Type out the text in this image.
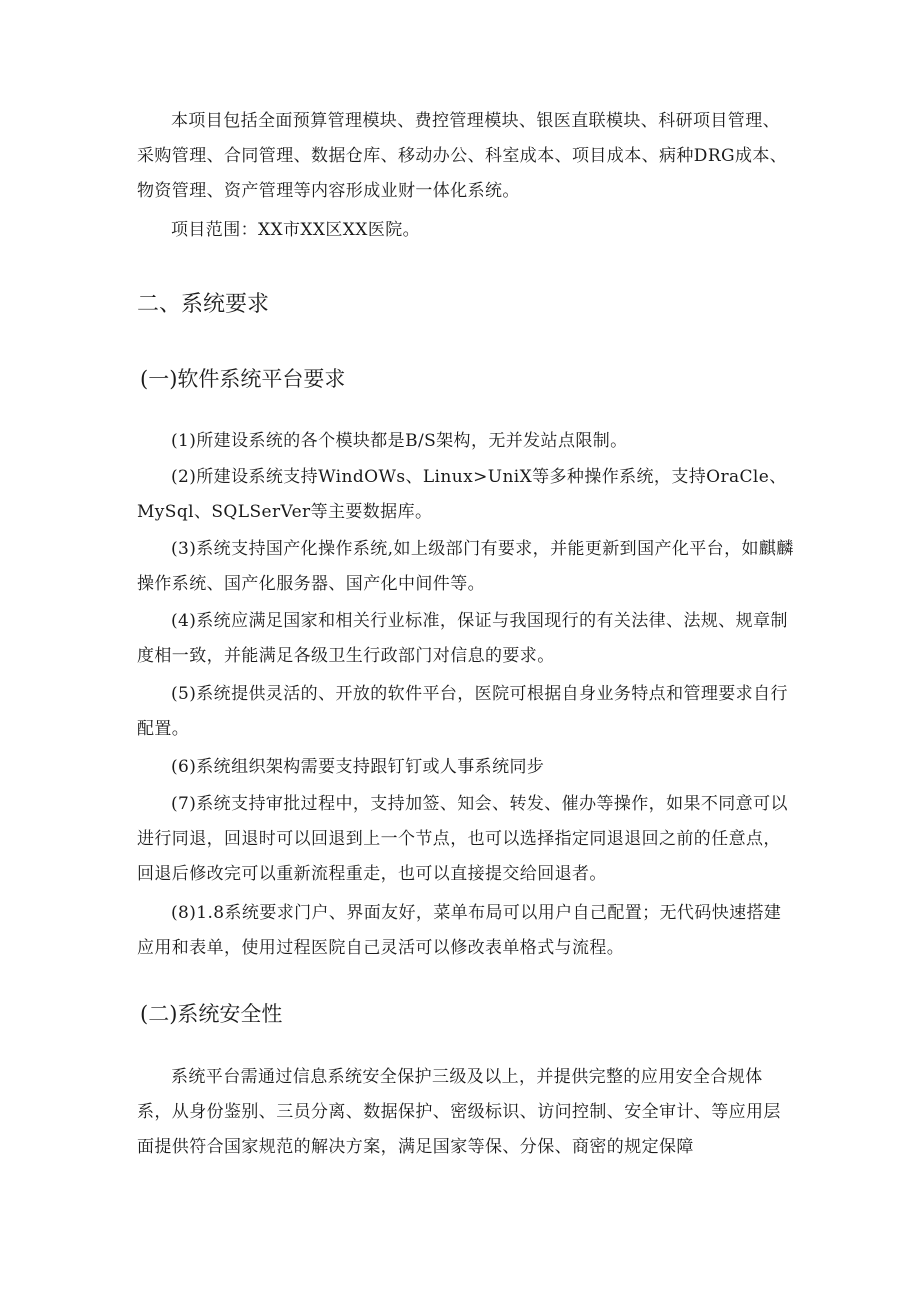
本项目包括全面预算管理模块、费控管理模块、银医直联模块、科研项目管理、采购管理、合同管理、数据仓库、移动办公、科室成本、项目成本、病种DRG成本、物资管理、资产管理等内容形成业财一体化系统。

项目范围：XX市XX区XX医院。

二、系统要求
(一)软件系统平台要求

(1)所建设系统的各个模块都是B/S架构，无并发站点限制。

(2)所建设系统支持WindOWs、Linux>UniX等多种操作系统，支持OraCle、MySql、SQLSerVer等主要数据库。

(3)系统支持国产化操作系统,如上级部门有要求，并能更新到国产化平台，如麒麟操作系统、国产化服务器、国产化中间件等。

(4)系统应满足国家和相关行业标准，保证与我国现行的有关法律、法规、规章制度相一致，并能满足各级卫生行政部门对信息的要求。

(5)系统提供灵活的、开放的软件平台，医院可根据自身业务特点和管理要求自行配置。

(6)系统组织架构需要支持跟钉钉或人事系统同步

(7)系统支持审批过程中，支持加签、知会、转发、催办等操作，如果不同意可以进行同退，回退时可以回退到上一个节点，也可以选择指定同退退回之前的任意点，回退后修改完可以重新流程重走，也可以直接提交给回退者。

(8)1.8系统要求门户、界面友好，菜单布局可以用户自己配置；无代码快速搭建应用和表单，使用过程医院自己灵活可以修改表单格式与流程。

(二)系统安全性

系统平台需通过信息系统安全保护三级及以上，并提供完整的应用安全合规体系，从身份鉴别、三员分离、数据保护、密级标识、访问控制、安全审计、等应用层面提供符合国家规范的解决方案，满足国家等保、分保、商密的规定保障
